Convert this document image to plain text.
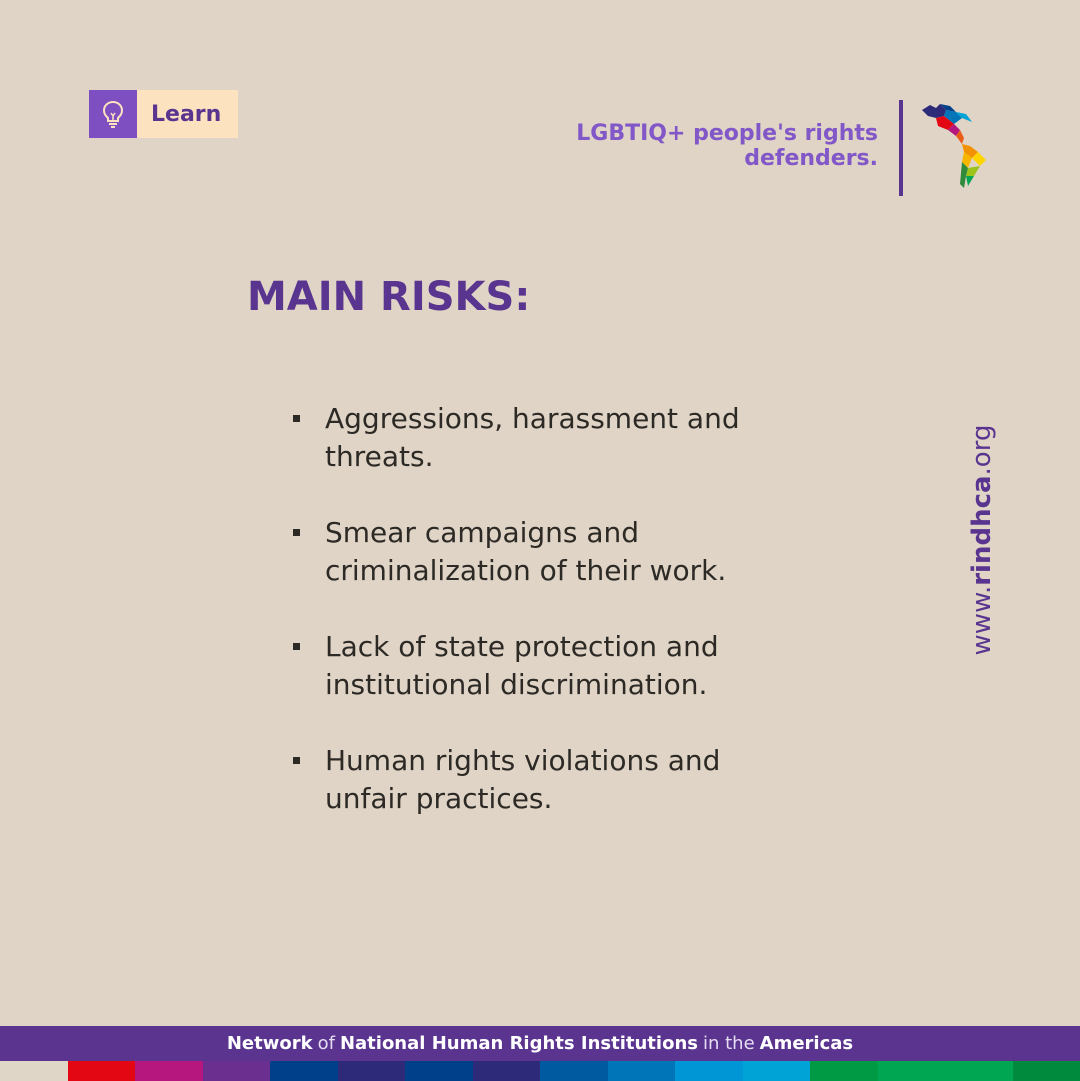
Learn
LGBTIQ+ people's rights
defenders.
MAIN RISKS:
Aggressions, harassment and
threats.
Smear campaigns and
criminalization of their work.
Lack of state protection and
institutional discrimination.
Human rights violations and
unfair practices.
www.rindhca.org
Network of National Human Rights Institutions in the Americas
